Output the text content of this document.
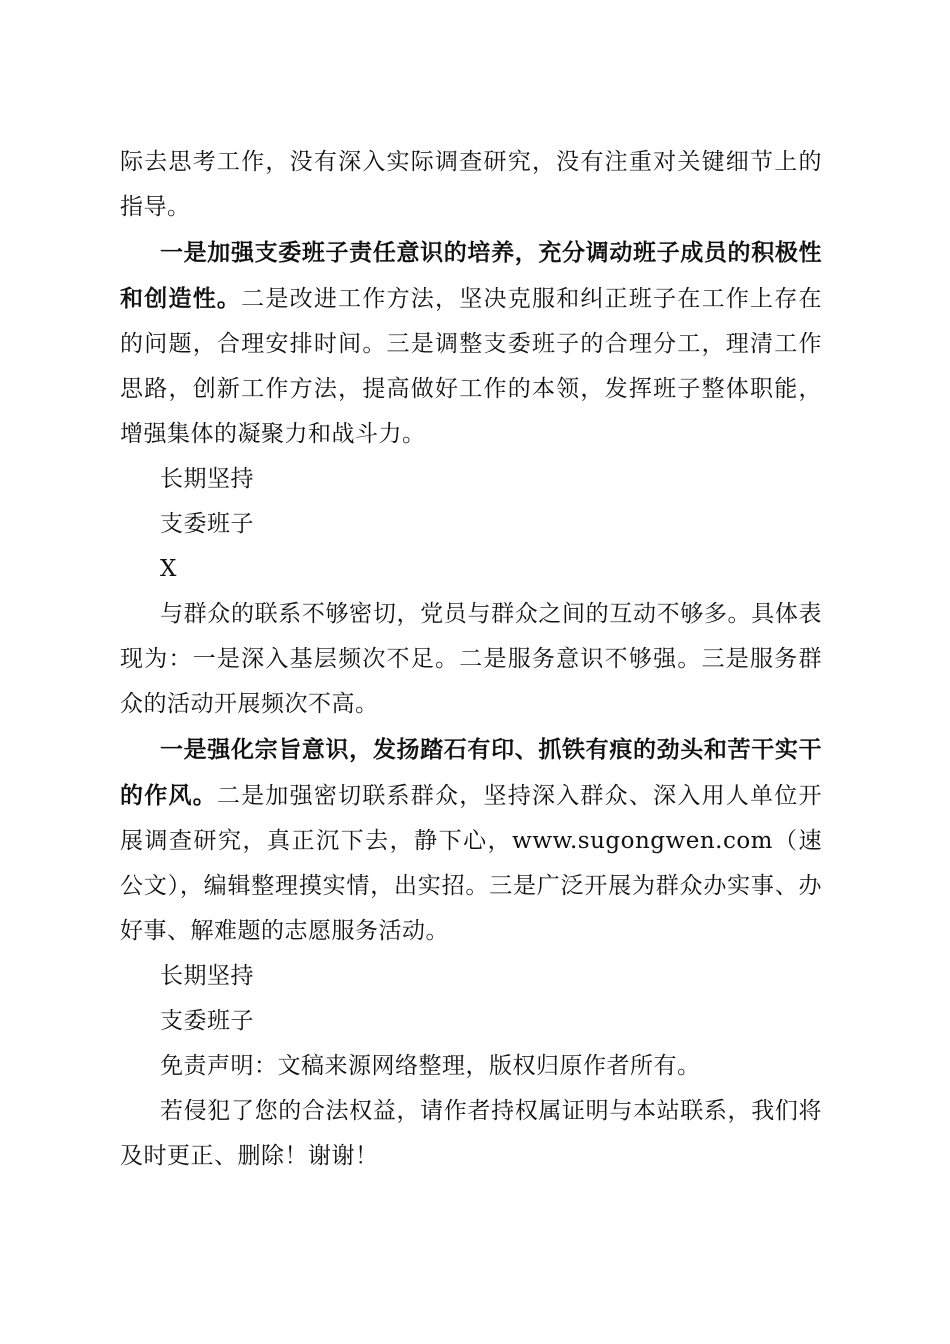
际去思考工作，没有深入实际调查研究，没有注重对关键细节上的指导。

一是加强支委班子责任意识的培养，充分调动班子成员的积极性和创造性。二是改进工作方法，坚决克服和纠正班子在工作上存在的问题，合理安排时间。三是调整支委班子的合理分工，理清工作思路，创新工作方法，提高做好工作的本领，发挥班子整体职能，增强集体的凝聚力和战斗力。

长期坚持

支委班子

X

与群众的联系不够密切，党员与群众之间的互动不够多。具体表现为：一是深入基层频次不足。二是服务意识不够强。三是服务群众的活动开展频次不高。

一是强化宗旨意识，发扬踏石有印、抓铁有痕的劲头和苦干实干的作风。二是加强密切联系群众，坚持深入群众、深入用人单位开展调查研究，真正沉下去，静下心，www.sugongwen.com（速公文），编辑整理摸实情，出实招。三是广泛开展为群众办实事、办好事、解难题的志愿服务活动。

长期坚持

支委班子

免责声明：文稿来源网络整理，版权归原作者所有。

若侵犯了您的合法权益，请作者持权属证明与本站联系，我们将及时更正、删除！谢谢！
